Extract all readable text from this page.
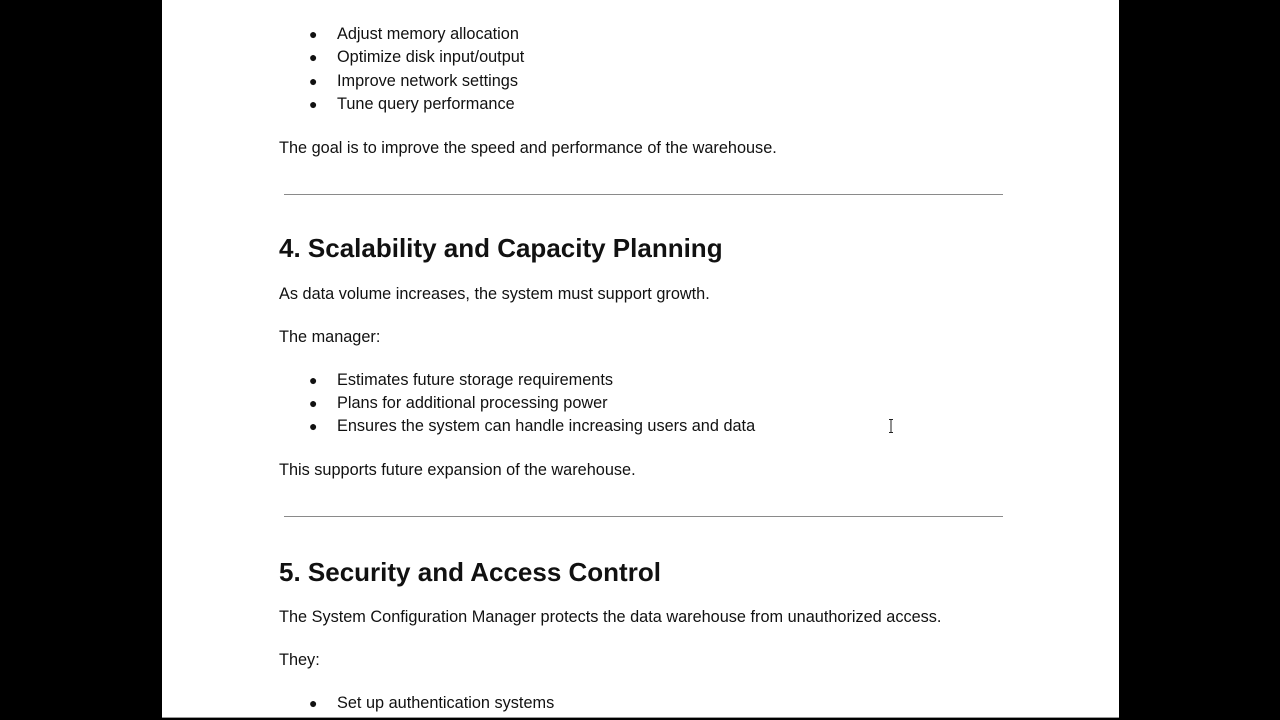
● Adjust memory allocation
● Optimize disk input/output
● Improve network settings
● Tune query performance

The goal is to improve the speed and performance of the warehouse.

4. Scalability and Capacity Planning

As data volume increases, the system must support growth.

The manager:

● Estimates future storage requirements
● Plans for additional processing power
● Ensures the system can handle increasing users and data

This supports future expansion of the warehouse.

5. Security and Access Control

The System Configuration Manager protects the data warehouse from unauthorized access.

They:

● Set up authentication systems
